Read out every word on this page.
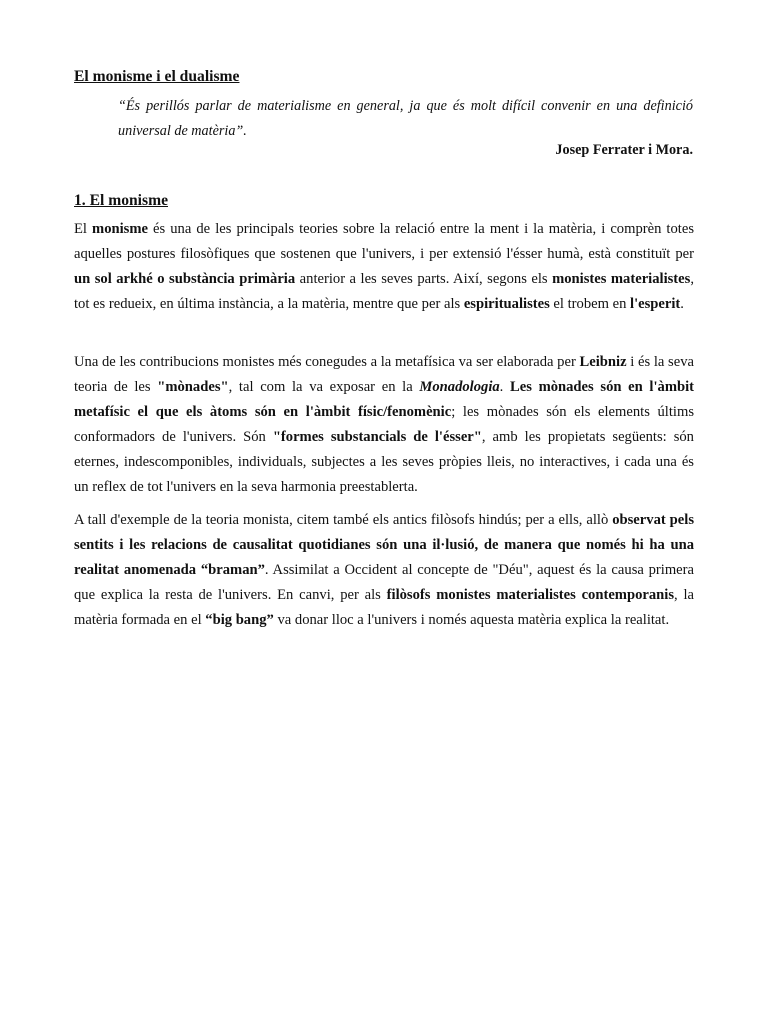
El monisme i el dualisme

“És perillós parlar de materialisme en general, ja que és molt difícil convenir en una definició universal de matèria”.

Josep Ferrater i Mora.

1. El monisme

El monisme és una de les principals teories sobre la relació entre la ment i la matèria, i comprèn totes aquelles postures filosòfiques que sostenen que l'univers, i per extensió l'ésser humà, està constituït per un sol arkhé o substància primària anterior a les seves parts. Així, segons els monistes materialistes, tot es redueix, en última instància, a la matèria, mentre que per als espiritualistes el trobem en l'esperit.

Una de les contribucions monistes més conegudes a la metafísica va ser elaborada per Leibniz i és la seva teoria de les "mònades", tal com la va exposar en la Monadologia. Les mònades són en l'àmbit metafísic el que els àtoms són en l'àmbit físic/fenomènic; les mònades són els elements últims conformadors de l'univers. Són "formes substancials de l'ésser", amb les propietats següents: són eternes, indescomponibles, individuals, subjectes a les seves pròpies lleis, no interactives, i cada una és un reflex de tot l'univers en la seva harmonia preestablerta.

A tall d'exemple de la teoria monista, citem també els antics filòsofs hindús; per a ells, allò observat pels sentits i les relacions de causalitat quotidianes són una il·lusió, de manera que només hi ha una realitat anomenada “braman”. Assimilat a Occident al concepte de "Déu", aquest és la causa primera que explica la resta de l'univers. En canvi, per als filòsofs monistes materialistes contemporanis, la matèria formada en el “big bang” va donar lloc a l'univers i només aquesta matèria explica la realitat.
